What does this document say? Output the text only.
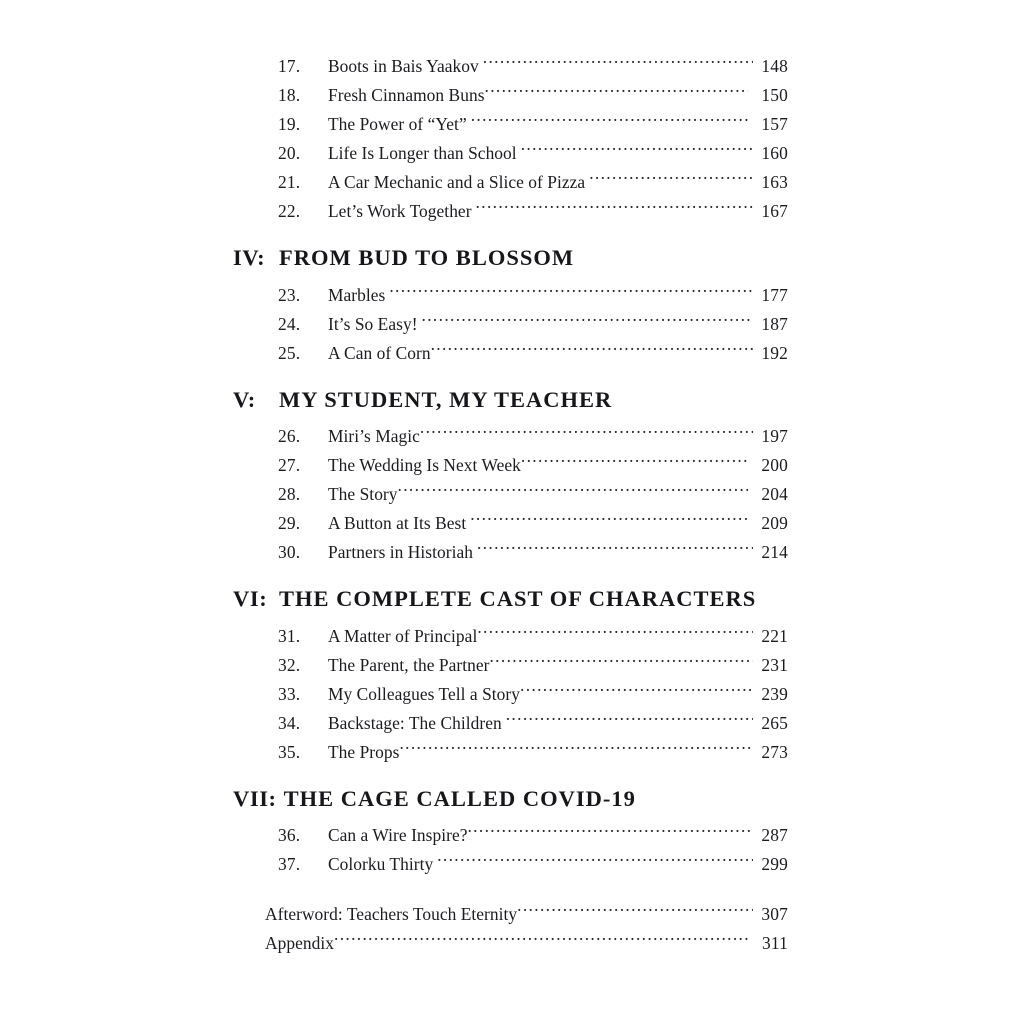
17.	Boots in Bais Yaakov .....	148
18.	Fresh Cinnamon Buns .....	150
19.	The Power of “Yet” .....	157
20.	Life Is Longer than School .....	160
21.	A Car Mechanic and a Slice of Pizza .....	163
22.	Let’s Work Together .....	167
IV: FROM BUD TO BLOSSOM
23.	Marbles .....	177
24.	It’s So Easy! .....	187
25.	A Can of Corn .....	192
V:	MY STUDENT, MY TEACHER
26.	Miri’s Magic .....	197
27.	The Wedding Is Next Week .....	200
28.	The Story .....	204
29.	A Button at Its Best .....	209
30.	Partners in Historiah .....	214
VI: THE COMPLETE CAST OF CHARACTERS
31.	A Matter of Principal .....	221
32.	The Parent, the Partner .....	231
33.	My Colleagues Tell a Story .....	239
34.	Backstage: The Children .....	265
35.	The Props .....	273
VII: THE CAGE CALLED COVID-19
36.	Can a Wire Inspire? .....	287
37.	Colorku Thirty .....	299
Afterword: Teachers Touch Eternity .....	307
Appendix .....	311
